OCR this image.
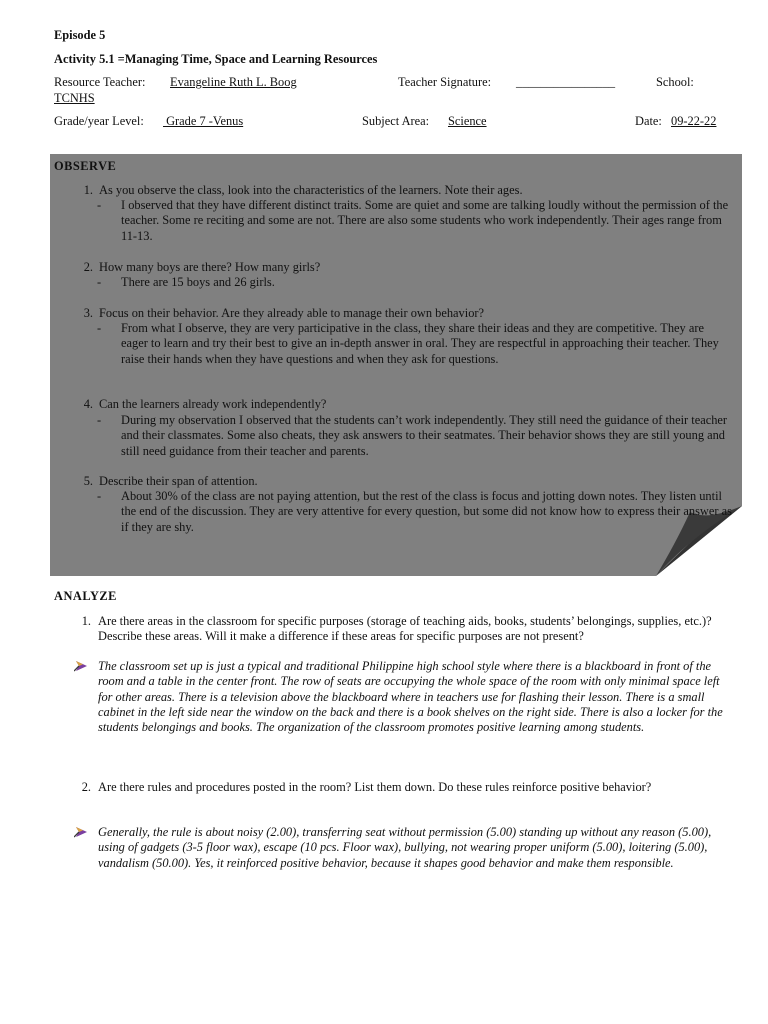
Episode 5
Activity 5.1 =Managing Time, Space and Learning Resources
Resource Teacher: Evangeline Ruth L. Boog	Teacher Signature: ________________	School:
TCNHS
Grade/year Level: Grade 7 -Venus	Subject Area: Science	Date: 09-22-22
OBSERVE
1. As you observe the class, look into the characteristics of the learners. Note their ages.
- I observed that they have different distinct traits. Some are quiet and some are talking loudly without the permission of the teacher. Some re reciting and some are not. There are also some students who work independently. Their ages range from 11-13.
2. How many boys are there? How many girls?
- There are 15 boys and 26 girls.
3. Focus on their behavior. Are they already able to manage their own behavior?
- From what I observe, they are very participative in the class, they share their ideas and they are competitive. They are eager to learn and try their best to give an in-depth answer in oral. They are respectful in approaching their teacher. They raise their hands when they have questions and when they ask for questions.
4. Can the learners already work independently?
- During my observation I observed that the students can’t work independently. They still need the guidance of their teacher and their classmates. Some also cheats, they ask answers to their seatmates. Their behavior shows they are still young and still need guidance from their teacher and parents.
5. Describe their span of attention.
- About 30% of the class are not paying attention, but the rest of the class is focus and jotting down notes. They listen until the end of the discussion. They are very attentive for every question, but some did not know how to express their answer as if they are shy.
ANALYZE
1. Are there areas in the classroom for specific purposes (storage of teaching aids, books, students’ belongings, supplies, etc.)? Describe these areas. Will it make a difference if these areas for specific purposes are not present?
The classroom set up is just a typical and traditional Philippine high school style where there is a blackboard in front of the room and a table in the center front. The row of seats are occupying the whole space of the room with only minimal space left for other areas. There is a television above the blackboard where in teachers use for flashing their lesson. There is a small cabinet in the left side near the window on the back and there is a book shelves on the right side. There is also a locker for the students belongings and books. The organization of the classroom promotes positive learning among students.
2. Are there rules and procedures posted in the room? List them down. Do these rules reinforce positive behavior?
Generally, the rule is about noisy (2.00), transferring seat without permission (5.00) standing up without any reason (5.00), using of gadgets (3-5 floor wax), escape (10 pcs. Floor wax), bullying, not wearing proper uniform (5.00), loitering (5.00), vandalism (50.00). Yes, it reinforced positive behavior, because it shapes good behavior and make them responsible.
